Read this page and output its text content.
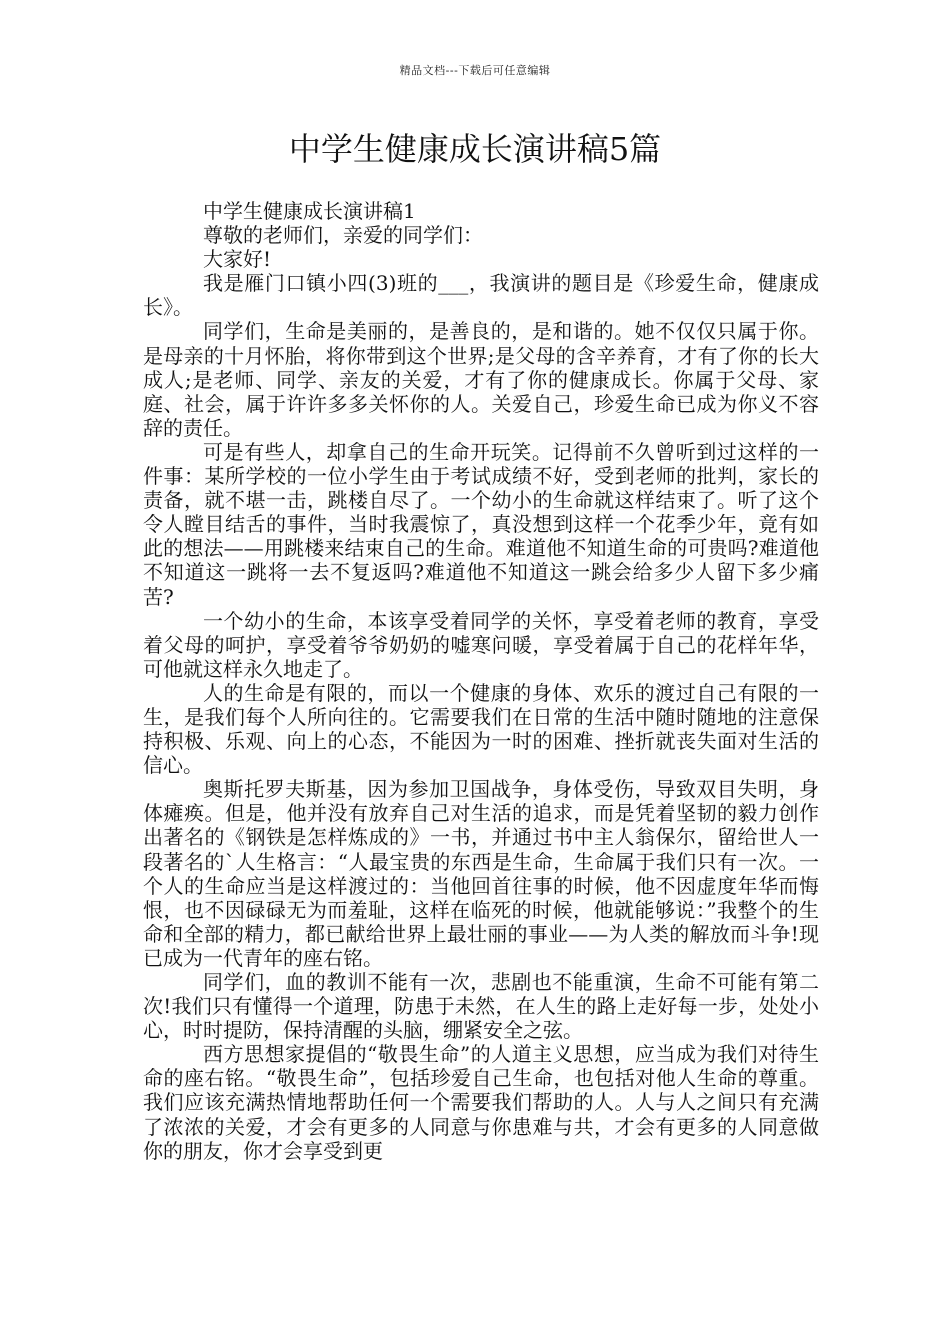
精品文档---下载后可任意编辑
中学生健康成长演讲稿5篇

中学生健康成长演讲稿1

尊敬的老师们，亲爱的同学们：

大家好!

我是雁门口镇小四(3)班的___，我演讲的题目是《珍爱生命，健康成长》。

同学们，生命是美丽的，是善良的，是和谐的。她不仅仅只属于你。是母亲的十月怀胎，将你带到这个世界;是父母的含辛养育，才有了你的长大成人;是老师、同学、亲友的关爱，才有了你的健康成长。你属于父母、家庭、社会，属于许许多多关怀你的人。关爱自己，珍爱生命已成为你义不容辞的责任。

可是有些人，却拿自己的生命开玩笑。记得前不久曾听到过这样的一件事：某所学校的一位小学生由于考试成绩不好，受到老师的批判，家长的责备，就不堪一击，跳楼自尽了。一个幼小的生命就这样结束了。听了这个令人瞠目结舌的事件，当时我震惊了，真没想到这样一个花季少年，竟有如此的想法——用跳楼来结束自己的生命。难道他不知道生命的可贵吗?难道他不知道这一跳将一去不复返吗?难道他不知道这一跳会给多少人留下多少痛苦?

一个幼小的生命，本该享受着同学的关怀，享受着老师的教育，享受着父母的呵护，享受着爷爷奶奶的嘘寒问暖，享受着属于自己的花样年华，可他就这样永久地走了。

人的生命是有限的，而以一个健康的身体、欢乐的渡过自己有限的一生，是我们每个人所向往的。它需要我们在日常的生活中随时随地的注意保持积极、乐观、向上的心态，不能因为一时的困难、挫折就丧失面对生活的信心。

奥斯托罗夫斯基，因为参加卫国战争，身体受伤，导致双目失明，身体瘫痪。但是，他并没有放弃自己对生活的追求，而是凭着坚韧的毅力创作出著名的《钢铁是怎样炼成的》一书，并通过书中主人翁保尔，留给世人一段著名的`人生格言：“人最宝贵的东西是生命，生命属于我们只有一次。一个人的生命应当是这样渡过的：当他回首往事的时候，他不因虚度年华而悔恨，也不因碌碌无为而羞耻，这样在临死的时候，他就能够说：”我整个的生命和全部的精力，都已献给世界上最壮丽的事业——为人类的解放而斗争!现已成为一代青年的座右铭。

同学们，血的教训不能有一次，悲剧也不能重演，生命不可能有第二次!我们只有懂得一个道理，防患于未然，在人生的路上走好每一步，处处小心，时时提防，保持清醒的头脑，绷紧安全之弦。

西方思想家提倡的“敬畏生命”的人道主义思想，应当成为我们对待生命的座右铭。“敬畏生命”，包括珍爱自己生命，也包括对他人生命的尊重。我们应该充满热情地帮助任何一个需要我们帮助的人。人与人之间只有充满了浓浓的关爱，才会有更多的人同意与你患难与共，才会有更多的人同意做你的朋友，你才会享受到更
